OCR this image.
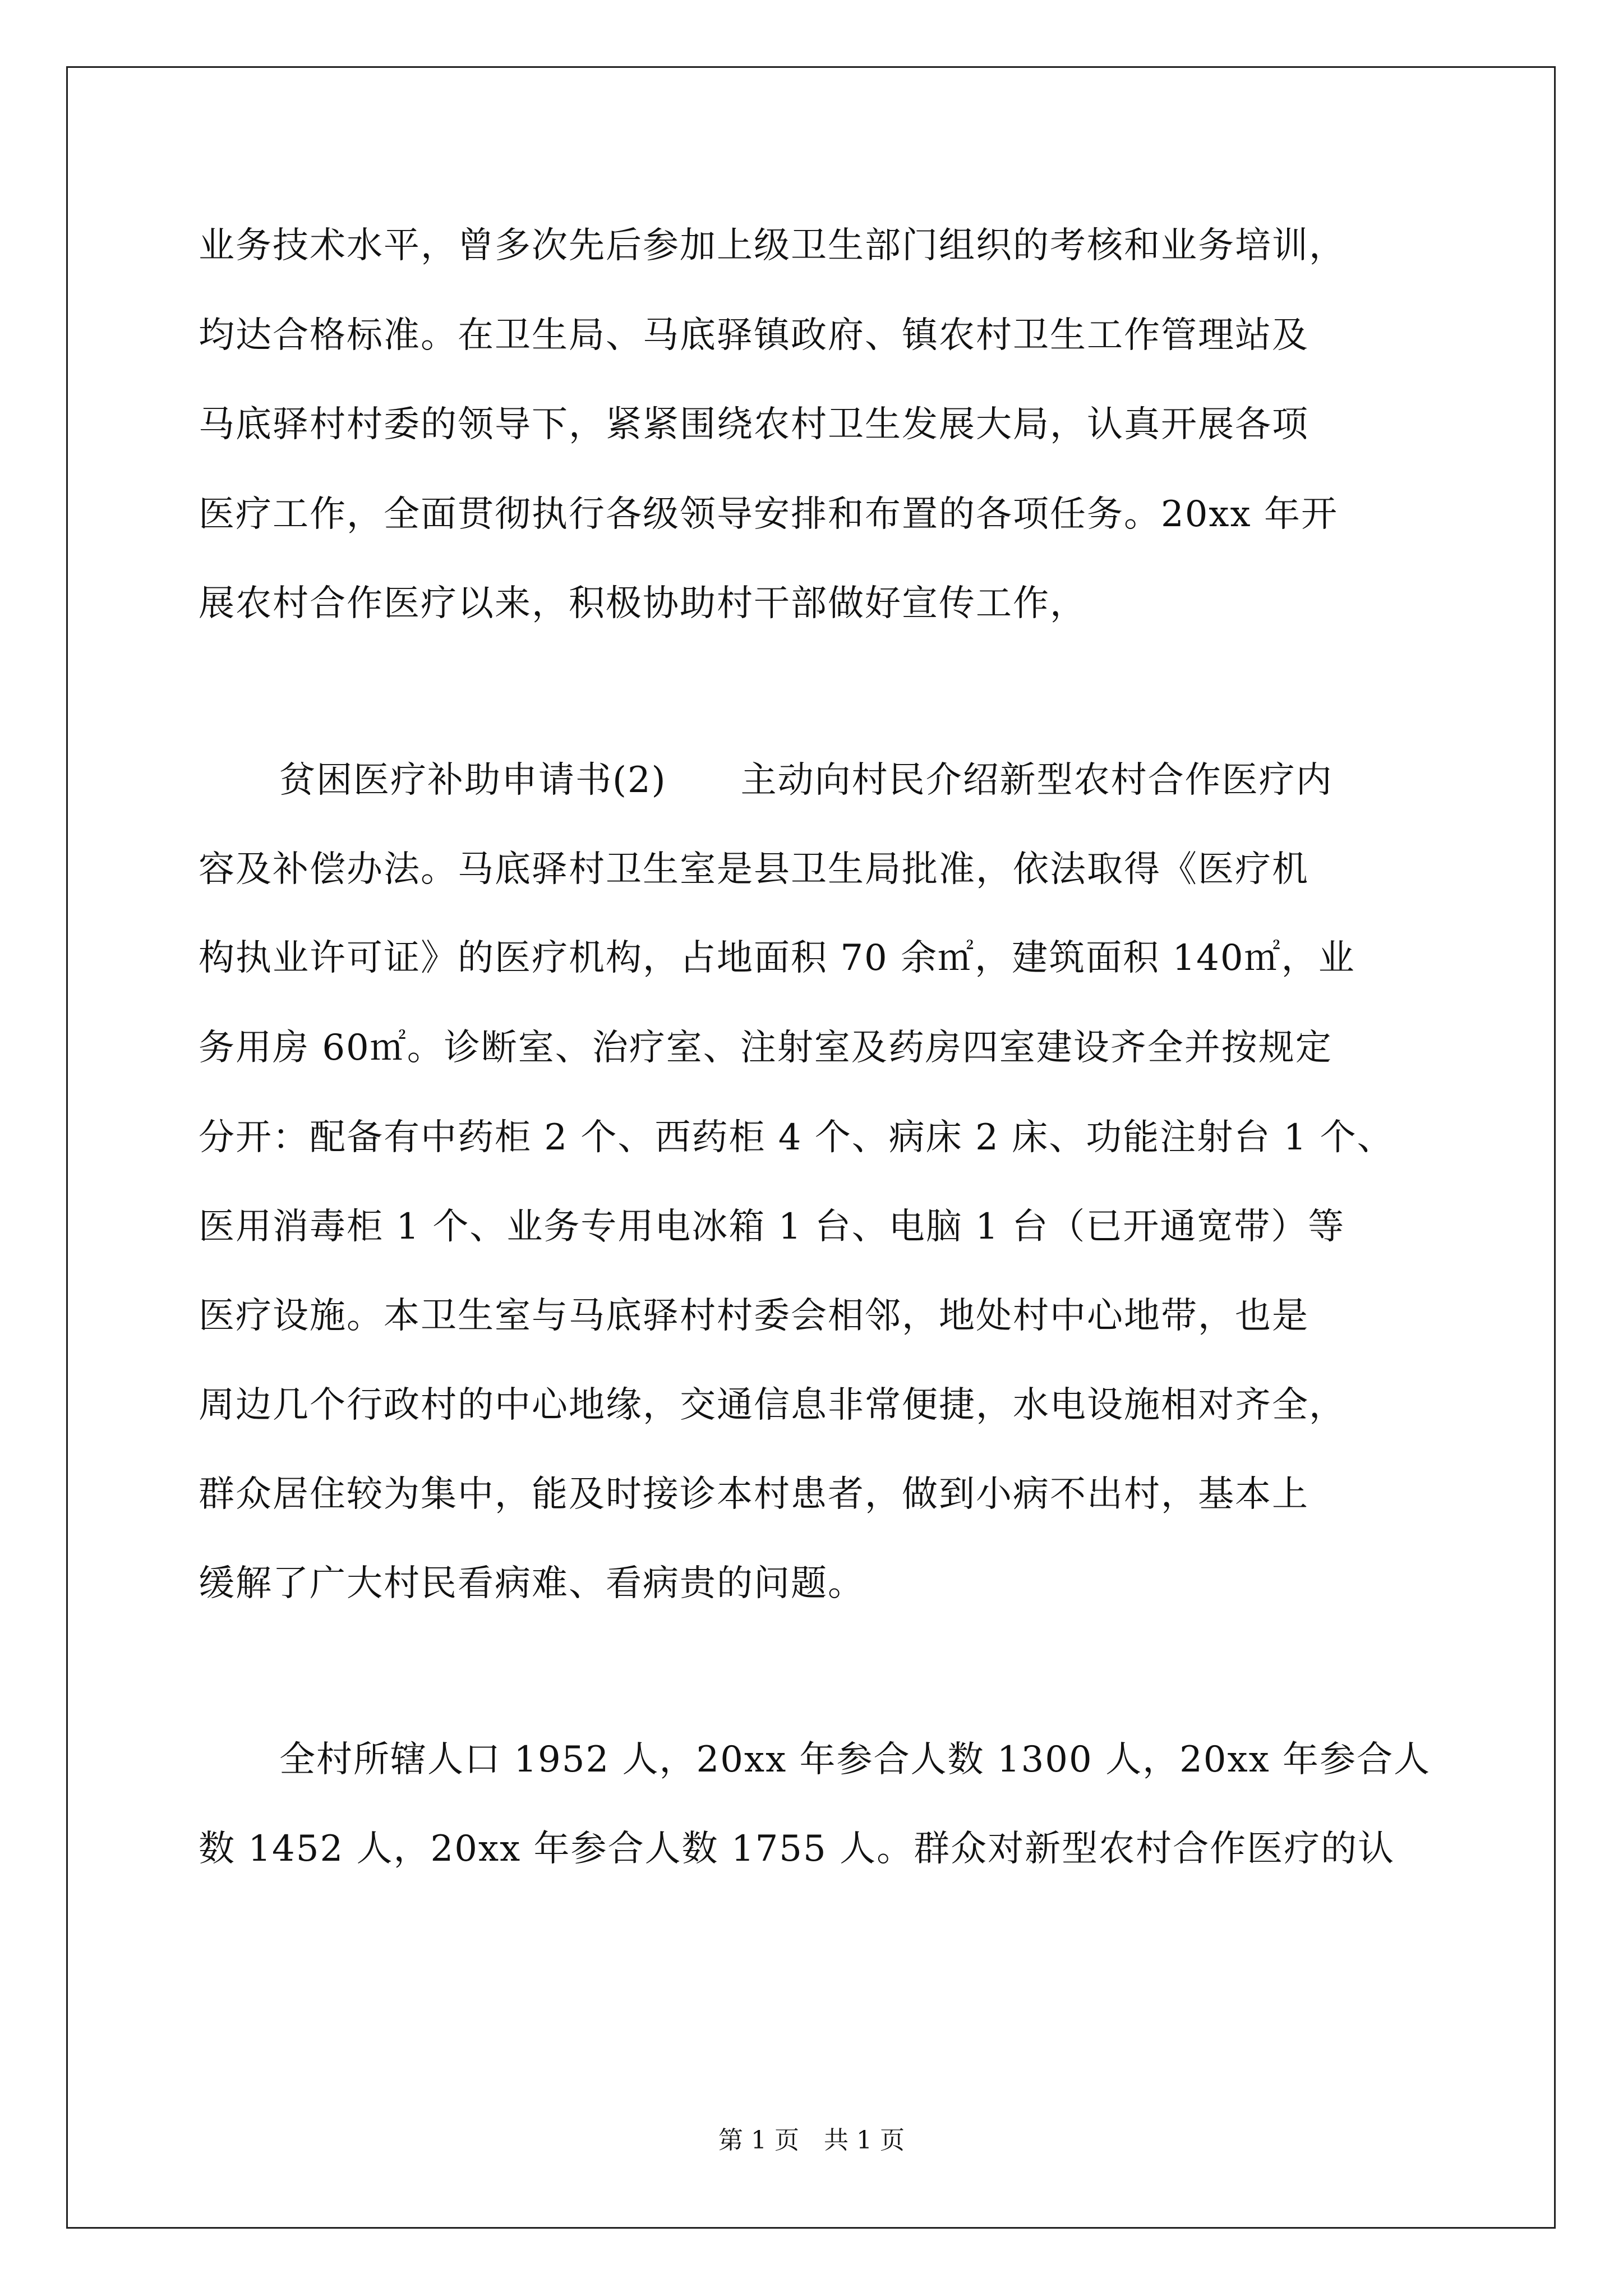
业务技术水平，曾多次先后参加上级卫生部门组织的考核和业务培训，
均达合格标准。在卫生局、马底驿镇政府、镇农村卫生工作管理站及
马底驿村村委的领导下，紧紧围绕农村卫生发展大局，认真开展各项
医疗工作，全面贯彻执行各级领导安排和布置的各项任务。20xx 年开
展农村合作医疗以来，积极协助村干部做好宣传工作，
贫困医疗补助申请书(2)　　主动向村民介绍新型农村合作医疗内
容及补偿办法。马底驿村卫生室是县卫生局批准，依法取得《医疗机
构执业许可证》的医疗机构，占地面积 70 余㎡，建筑面积 140㎡，业
务用房 60㎡。诊断室、治疗室、注射室及药房四室建设齐全并按规定
分开：配备有中药柜 2 个、西药柜 4 个、病床 2 床、功能注射台 1 个、
医用消毒柜 1 个、业务专用电冰箱 1 台、电脑 1 台（已开通宽带）等
医疗设施。本卫生室与马底驿村村委会相邻，地处村中心地带，也是
周边几个行政村的中心地缘，交通信息非常便捷，水电设施相对齐全，
群众居住较为集中，能及时接诊本村患者，做到小病不出村，基本上
缓解了广大村民看病难、看病贵的问题。
全村所辖人口 1952 人，20xx 年参合人数 1300 人，20xx 年参合人
数 1452 人，20xx 年参合人数 1755 人。群众对新型农村合作医疗的认
第 1 页　共 1 页
